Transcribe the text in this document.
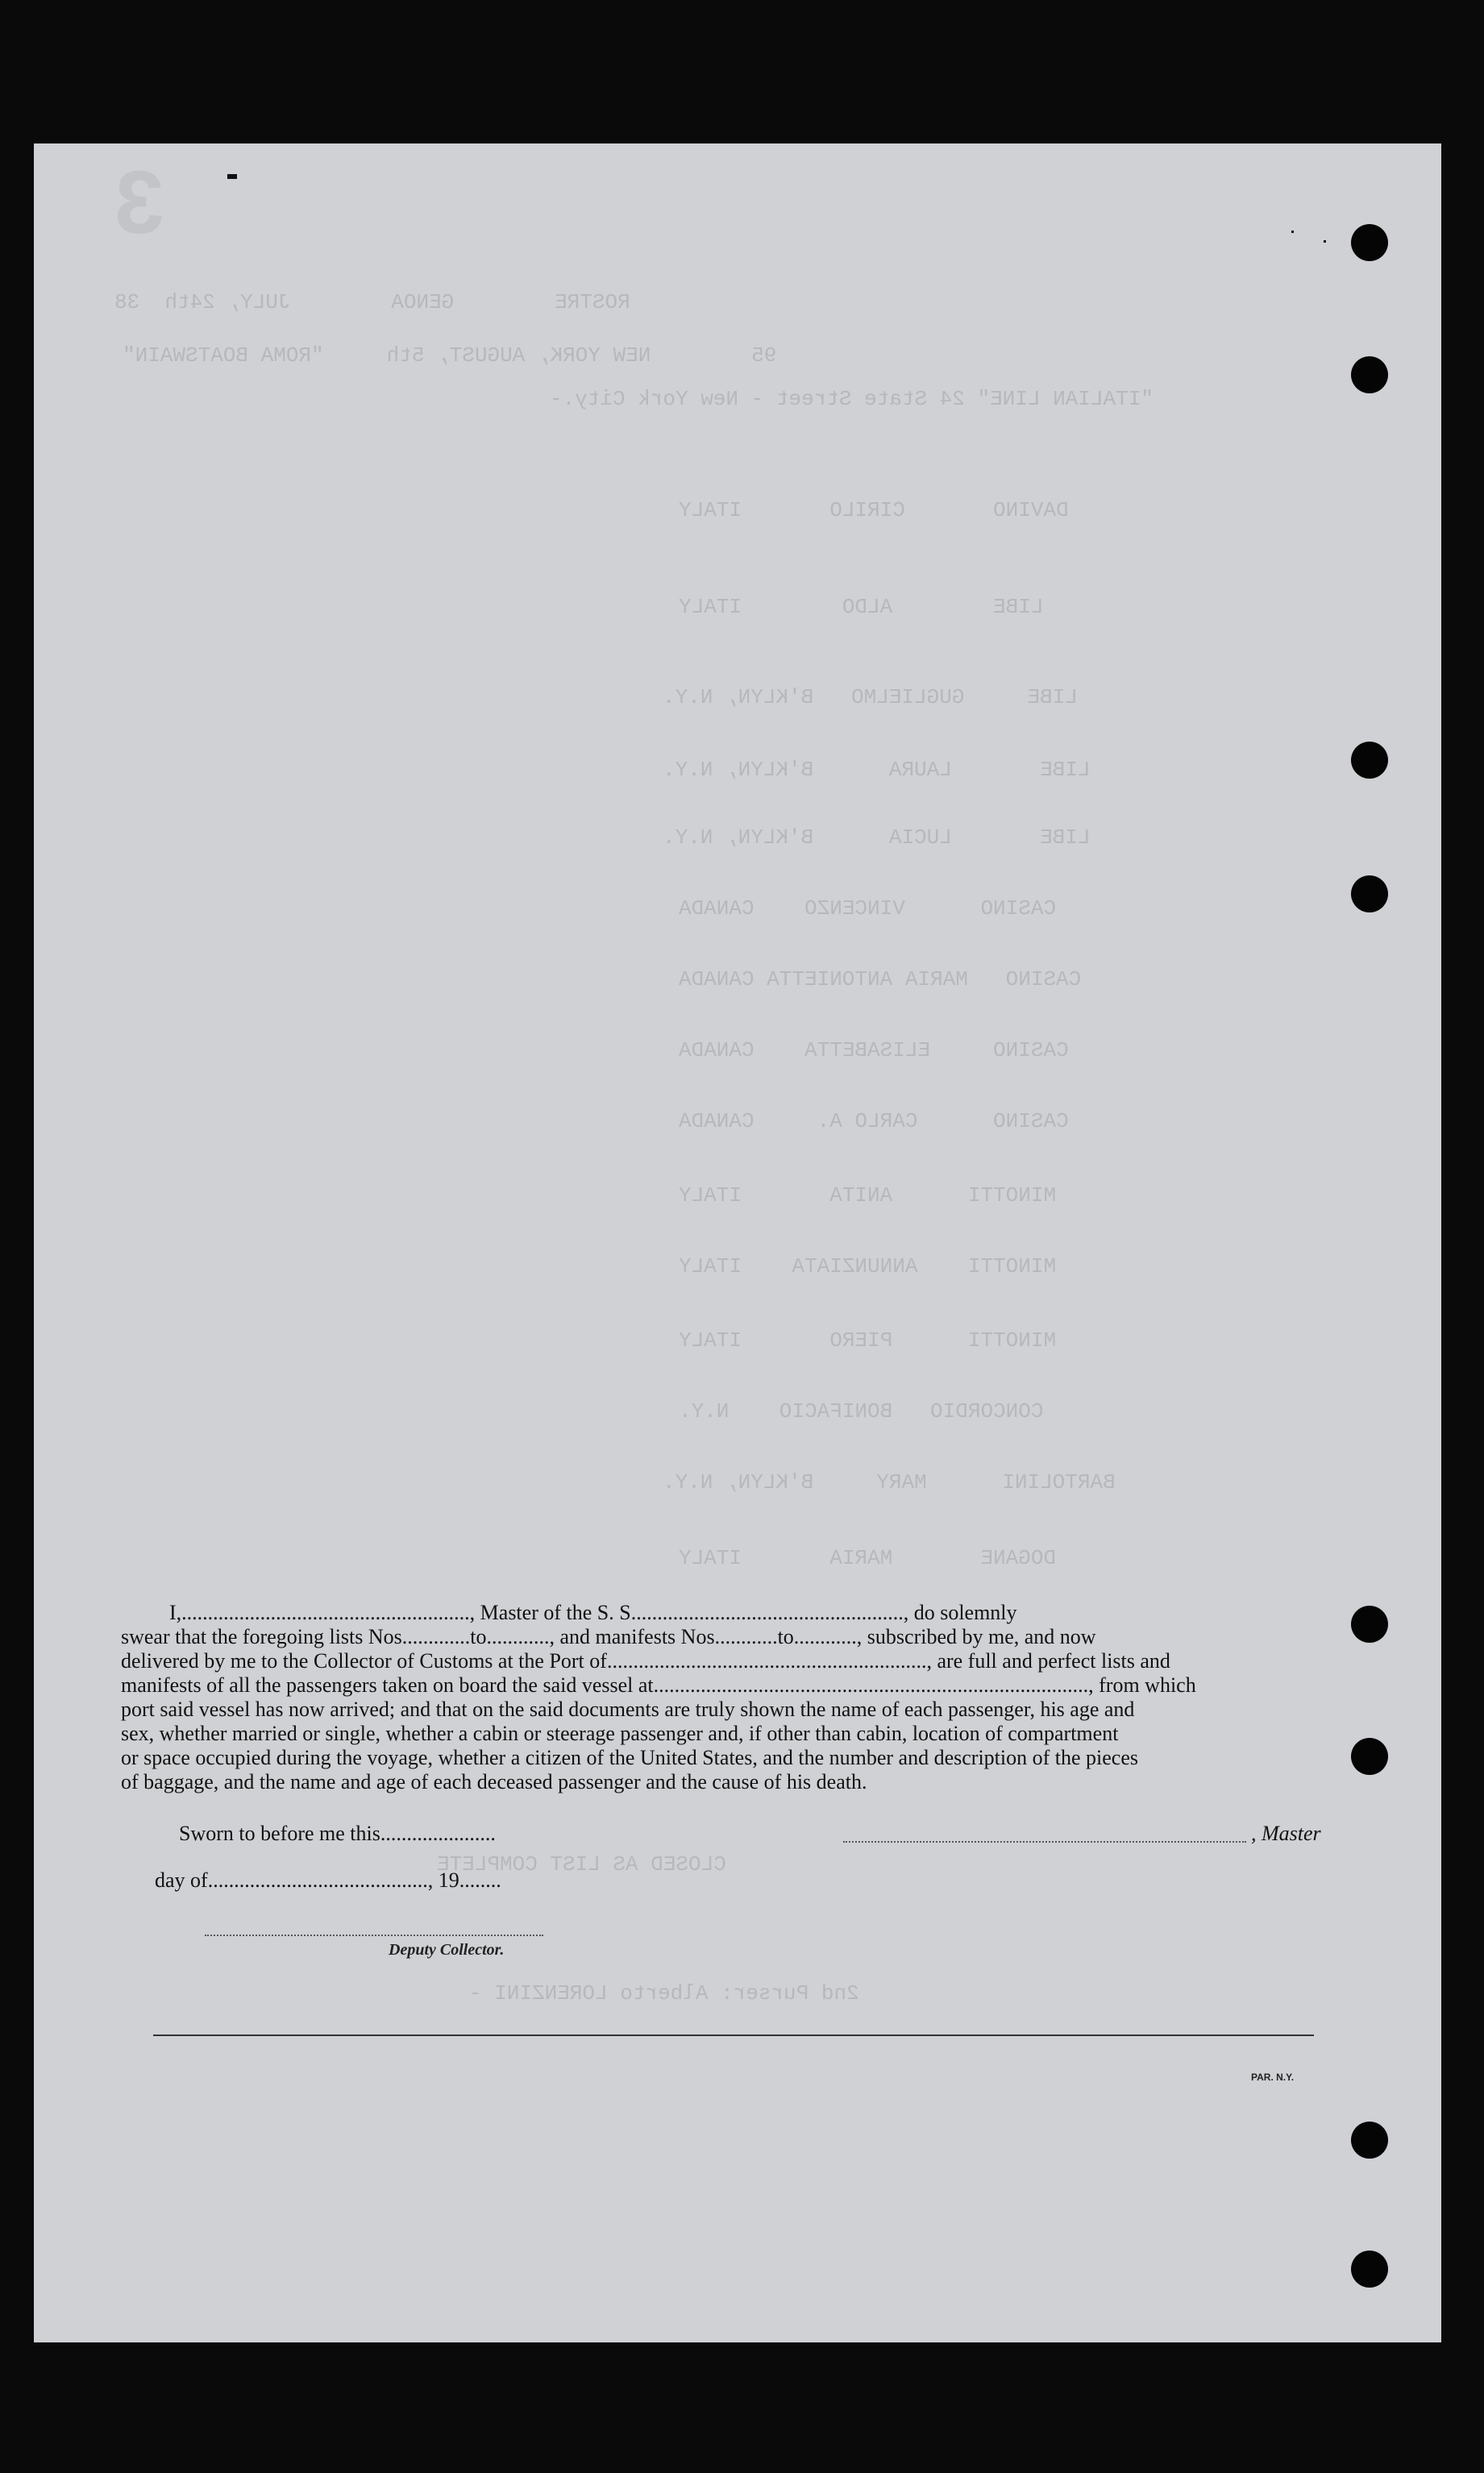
3
ROSTRE        GENOA        JULY, 24th  38
95        NEW YORK, AUGUST, 5th     "ROMA BOATSWAIN"
"ITALIAN LINE" 24 State Street - New York City.-
DAVINO       CIRILO       ITALY
LIBE        ALDO        ITALY
LIBE     GUGLIELMO   B'KLYN, N.Y.
LIBE       LAURA      B'KLYN, N.Y.
LIBE       LUCIA      B'KLYN, N.Y.
CASINO      VINCENZO    CANADA
CASINO   MARIA ANTONIETTA CANADA
CASINO     ELISABETTA    CANADA
CASINO      CARLO A.     CANADA
MINOTTI      ANITA       ITALY
MINOTTI    ANNUNZIATA    ITALY
MINOTTI      PIERO       ITALY
CONCORDIO   BONIFACIO    N.Y.
BARTOLINI      MARY     B'KLYN, N.Y.
DOGANE       MARIA       ITALY
CLOSED AS LIST COMPLETE
2nd Purser: Alberto LORENZINI -
I,......................................................., Master of the S. S...................................................., do solemnly
swear that the foregoing lists Nos.............to............, and manifests Nos............to............, subscribed by me, and now
delivered by me to the Collector of Customs at the Port of............................................................., are full and perfect lists and
manifests of all the passengers taken on board the said vessel at..................................................................................., from which
port said vessel has now arrived; and that on the said documents are truly shown the name of each passenger, his age and
sex, whether married or single, whether a cabin or steerage passenger and, if other than cabin, location of compartment
or space occupied during the voyage, whether a citizen of the United States, and the number and description of the pieces
of baggage, and the name and age of each deceased passenger and the cause of his death.
Sworn to before me this......................	, Master
day of.........................................., 19........
Deputy Collector.
PAR. N.Y.
